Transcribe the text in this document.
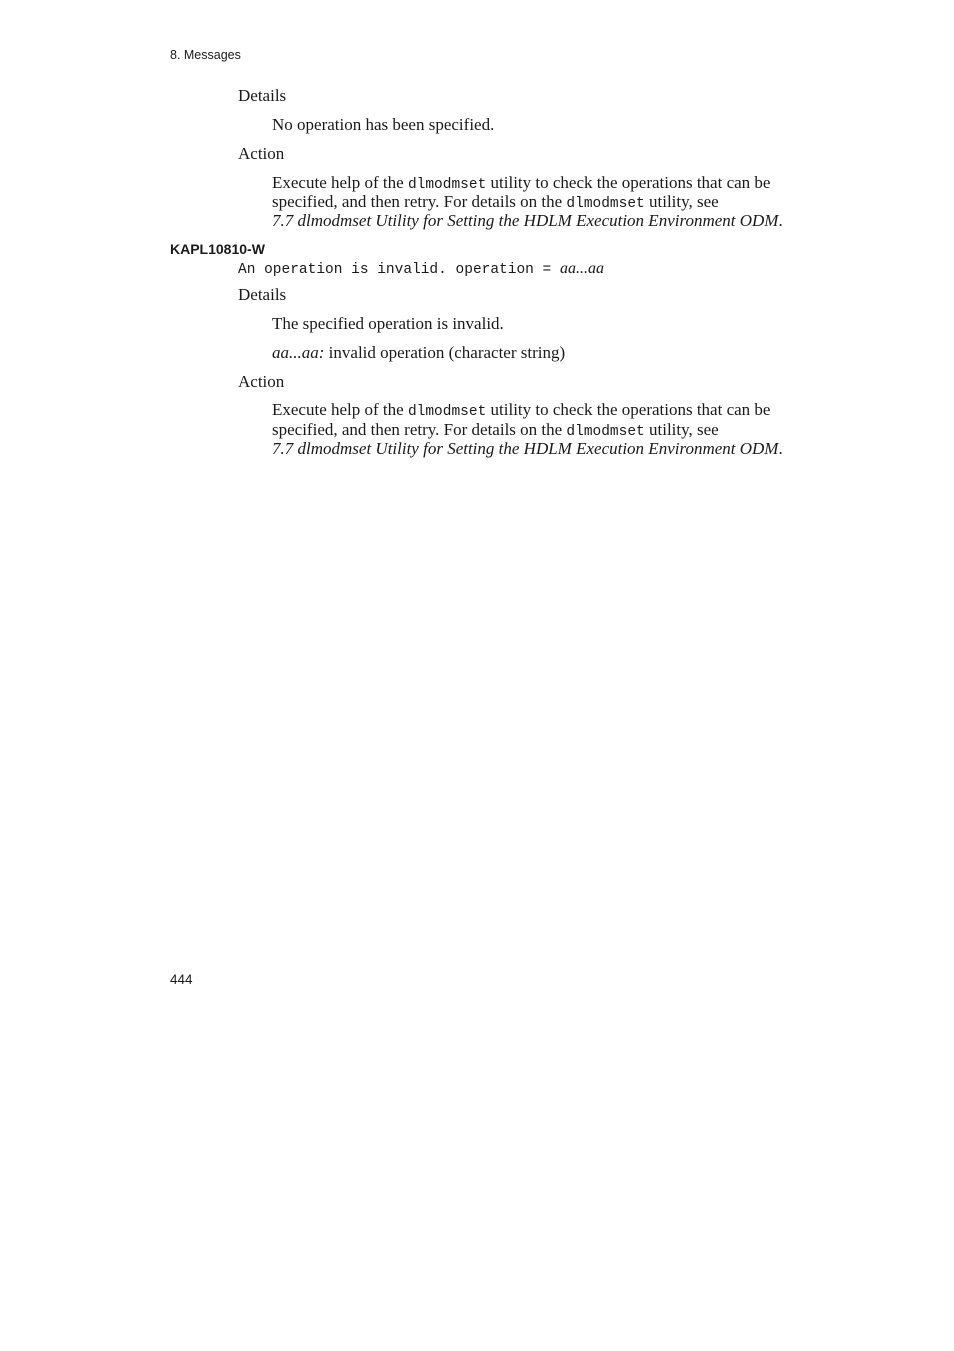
8. Messages
Details
No operation has been specified.
Action
Execute help of the dlmodmset utility to check the operations that can be
specified, and then retry. For details on the dlmodmset utility, see
7.7 dlmodmset Utility for Setting the HDLM Execution Environment ODM.
KAPL10810-W
An operation is invalid. operation = aa...aa
Details
The specified operation is invalid.
aa...aa: invalid operation (character string)
Action
Execute help of the dlmodmset utility to check the operations that can be
specified, and then retry. For details on the dlmodmset utility, see
7.7 dlmodmset Utility for Setting the HDLM Execution Environment ODM.
444
